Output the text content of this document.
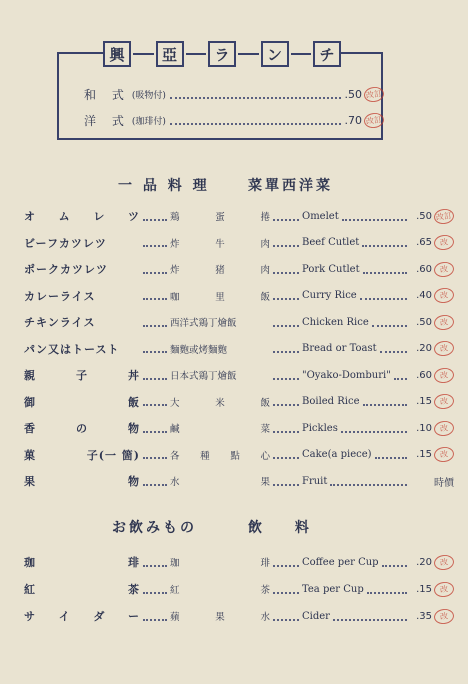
興	亞	ラ	ン	チ
和 式 (吸物付)	.50 改訂
洋 式 (珈琲付)	.70 改訂
一 品 料 理	菜單西洋菜
オ ム レ ツ	鶏	蛋	捲	Omelet	.50 改訂
ビーフカツレツ	炸	牛	肉	Beef Cutlet	.65 改
ポークカツレツ	炸	猪	肉	Pork Cutlet	.60 改
カレーライス	咖	里	飯	Curry Rice	.40 改
チキンライス	西洋式鶏丁燴飯	Chicken Rice	.50 改
パン又はトースト	麵麭或烤麵麭	Bread or Toast	.20 改
親	子	丼	日本式鶏丁燴飯	"Oyako-Domburi"	.60 改
御	飯	大	米	飯	Boiled Rice	.15 改
香	の	物	鹹	菜	Pickles	.10 改
菓	子(一 箇)	各 種 點 心	Cake(a piece)	.15 改
果	物	水	果	Fruit	時價
お飲みもの	飲 料
珈	琲	珈	琲	Coffee per Cup	.20 改
紅	茶	紅	茶	Tea per Cup	.15 改
サ イ ダ ー	蘋	果	水	Cider	.35 改
